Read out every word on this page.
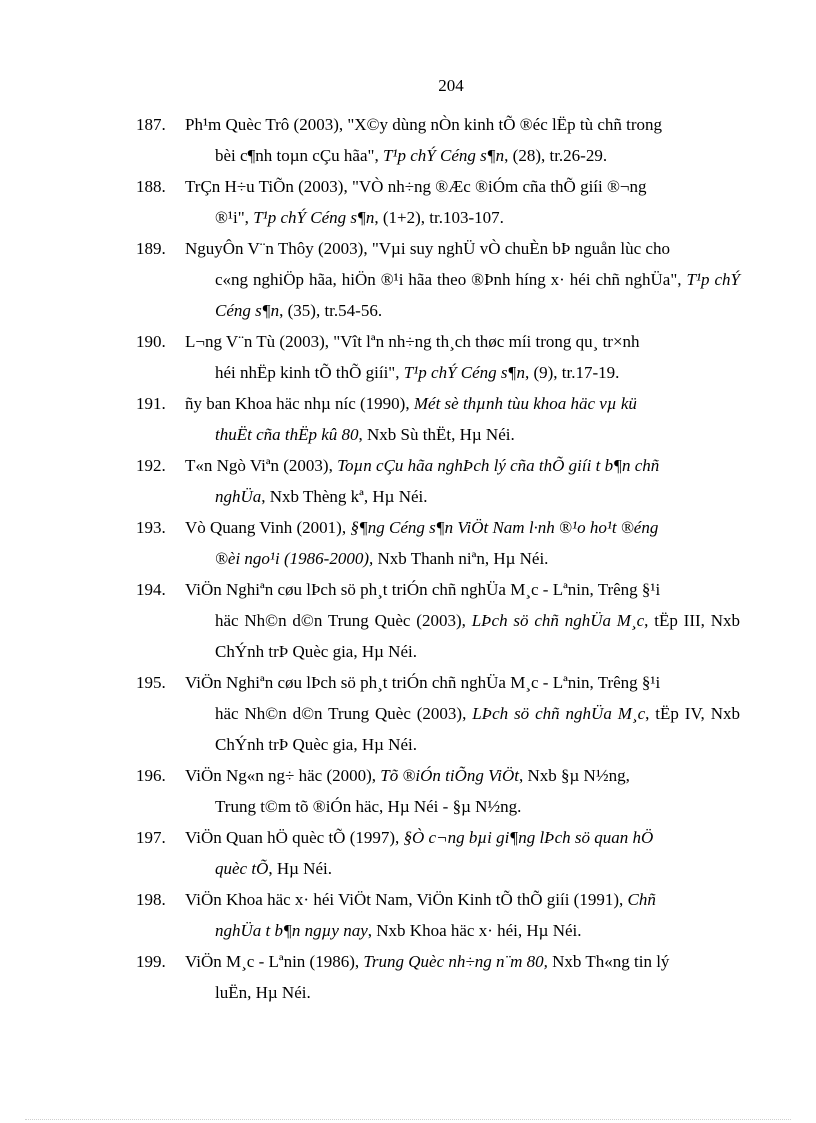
204
187. Ph¹m Quèc Trô (2003), "X©y dùng nÒn kinh tÕ ®éc lËp tù chñ trong
bèi c¶nh toµn cÇu hãa", T¹p chÝ Céng s¶n, (28), tr.26-29.
188. TrÇn H÷u TiÕn (2003), "VÒ nh÷ng ®Æc ®iÓm cña thÕ giíi ®¬ng
®¹i", T¹p chÝ Céng s¶n, (1+2), tr.103-107.
189. NguyÔn V¨n Thôy (2003), "Vµi suy nghÜ vÒ chuÈn bÞ nguån lùc cho
c«ng nghiÖp hãa, hiÖn ®¹i hãa theo ®Þnh híng x· héi chñ nghÜa", T¹p chÝ Céng s¶n, (35), tr.54-56.
190. L¬ng V¨n Tù (2003), "Vît lªn nh÷ng th¸ch thøc míi trong qu¸ tr×nh
héi nhËp kinh tÕ thÕ giíi", T¹p chÝ Céng s¶n, (9), tr.17-19.
191. ñy ban Khoa häc nhµ níc (1990), Mét sè thµnh tùu khoa häc vµ kü
thuËt cña thËp kû 80, Nxb Sù thËt, Hµ Néi.
192. T«n Ngò Viªn (2003), Toµn cÇu hãa nghÞch lý cña thÕ giíi t b¶n chñ
nghÜa, Nxb Thèng kª, Hµ Néi.
193. Vò Quang Vinh (2001), §¶ng Céng s¶n ViÖt Nam l·nh ®¹o ho¹t ®éng
®èi ngo¹i (1986-2000), Nxb Thanh niªn, Hµ Néi.
194. ViÖn Nghiªn cøu lÞch sö ph¸t triÓn chñ nghÜa M¸c - Lªnin, Trêng §¹i
häc Nh©n d©n Trung Quèc (2003), LÞch sö chñ nghÜa M¸c, tËp III, Nxb ChÝnh trÞ Quèc gia, Hµ Néi.
195. ViÖn Nghiªn cøu lÞch sö ph¸t triÓn chñ nghÜa M¸c - Lªnin, Trêng §¹i
häc Nh©n d©n Trung Quèc (2003), LÞch sö chñ nghÜa M¸c, tËp IV, Nxb ChÝnh trÞ Quèc gia, Hµ Néi.
196. ViÖn Ng«n ng÷ häc (2000), Tõ ®iÓn tiÕng ViÖt, Nxb §µ N½ng,
Trung t©m tõ ®iÓn häc, Hµ Néi - §µ N½ng.
197. ViÖn Quan hÖ quèc tÕ (1997), §Ò c¬ng bµi gi¶ng lÞch sö quan hÖ
quèc tÕ, Hµ Néi.
198. ViÖn Khoa häc x· héi ViÖt Nam, ViÖn Kinh tÕ thÕ giíi (1991), Chñ
nghÜa t b¶n ngµy nay, Nxb Khoa häc x· héi, Hµ Néi.
199. ViÖn M¸c - Lªnin (1986), Trung Quèc nh÷ng n¨m 80, Nxb Th«ng tin lý
luËn, Hµ Néi.
